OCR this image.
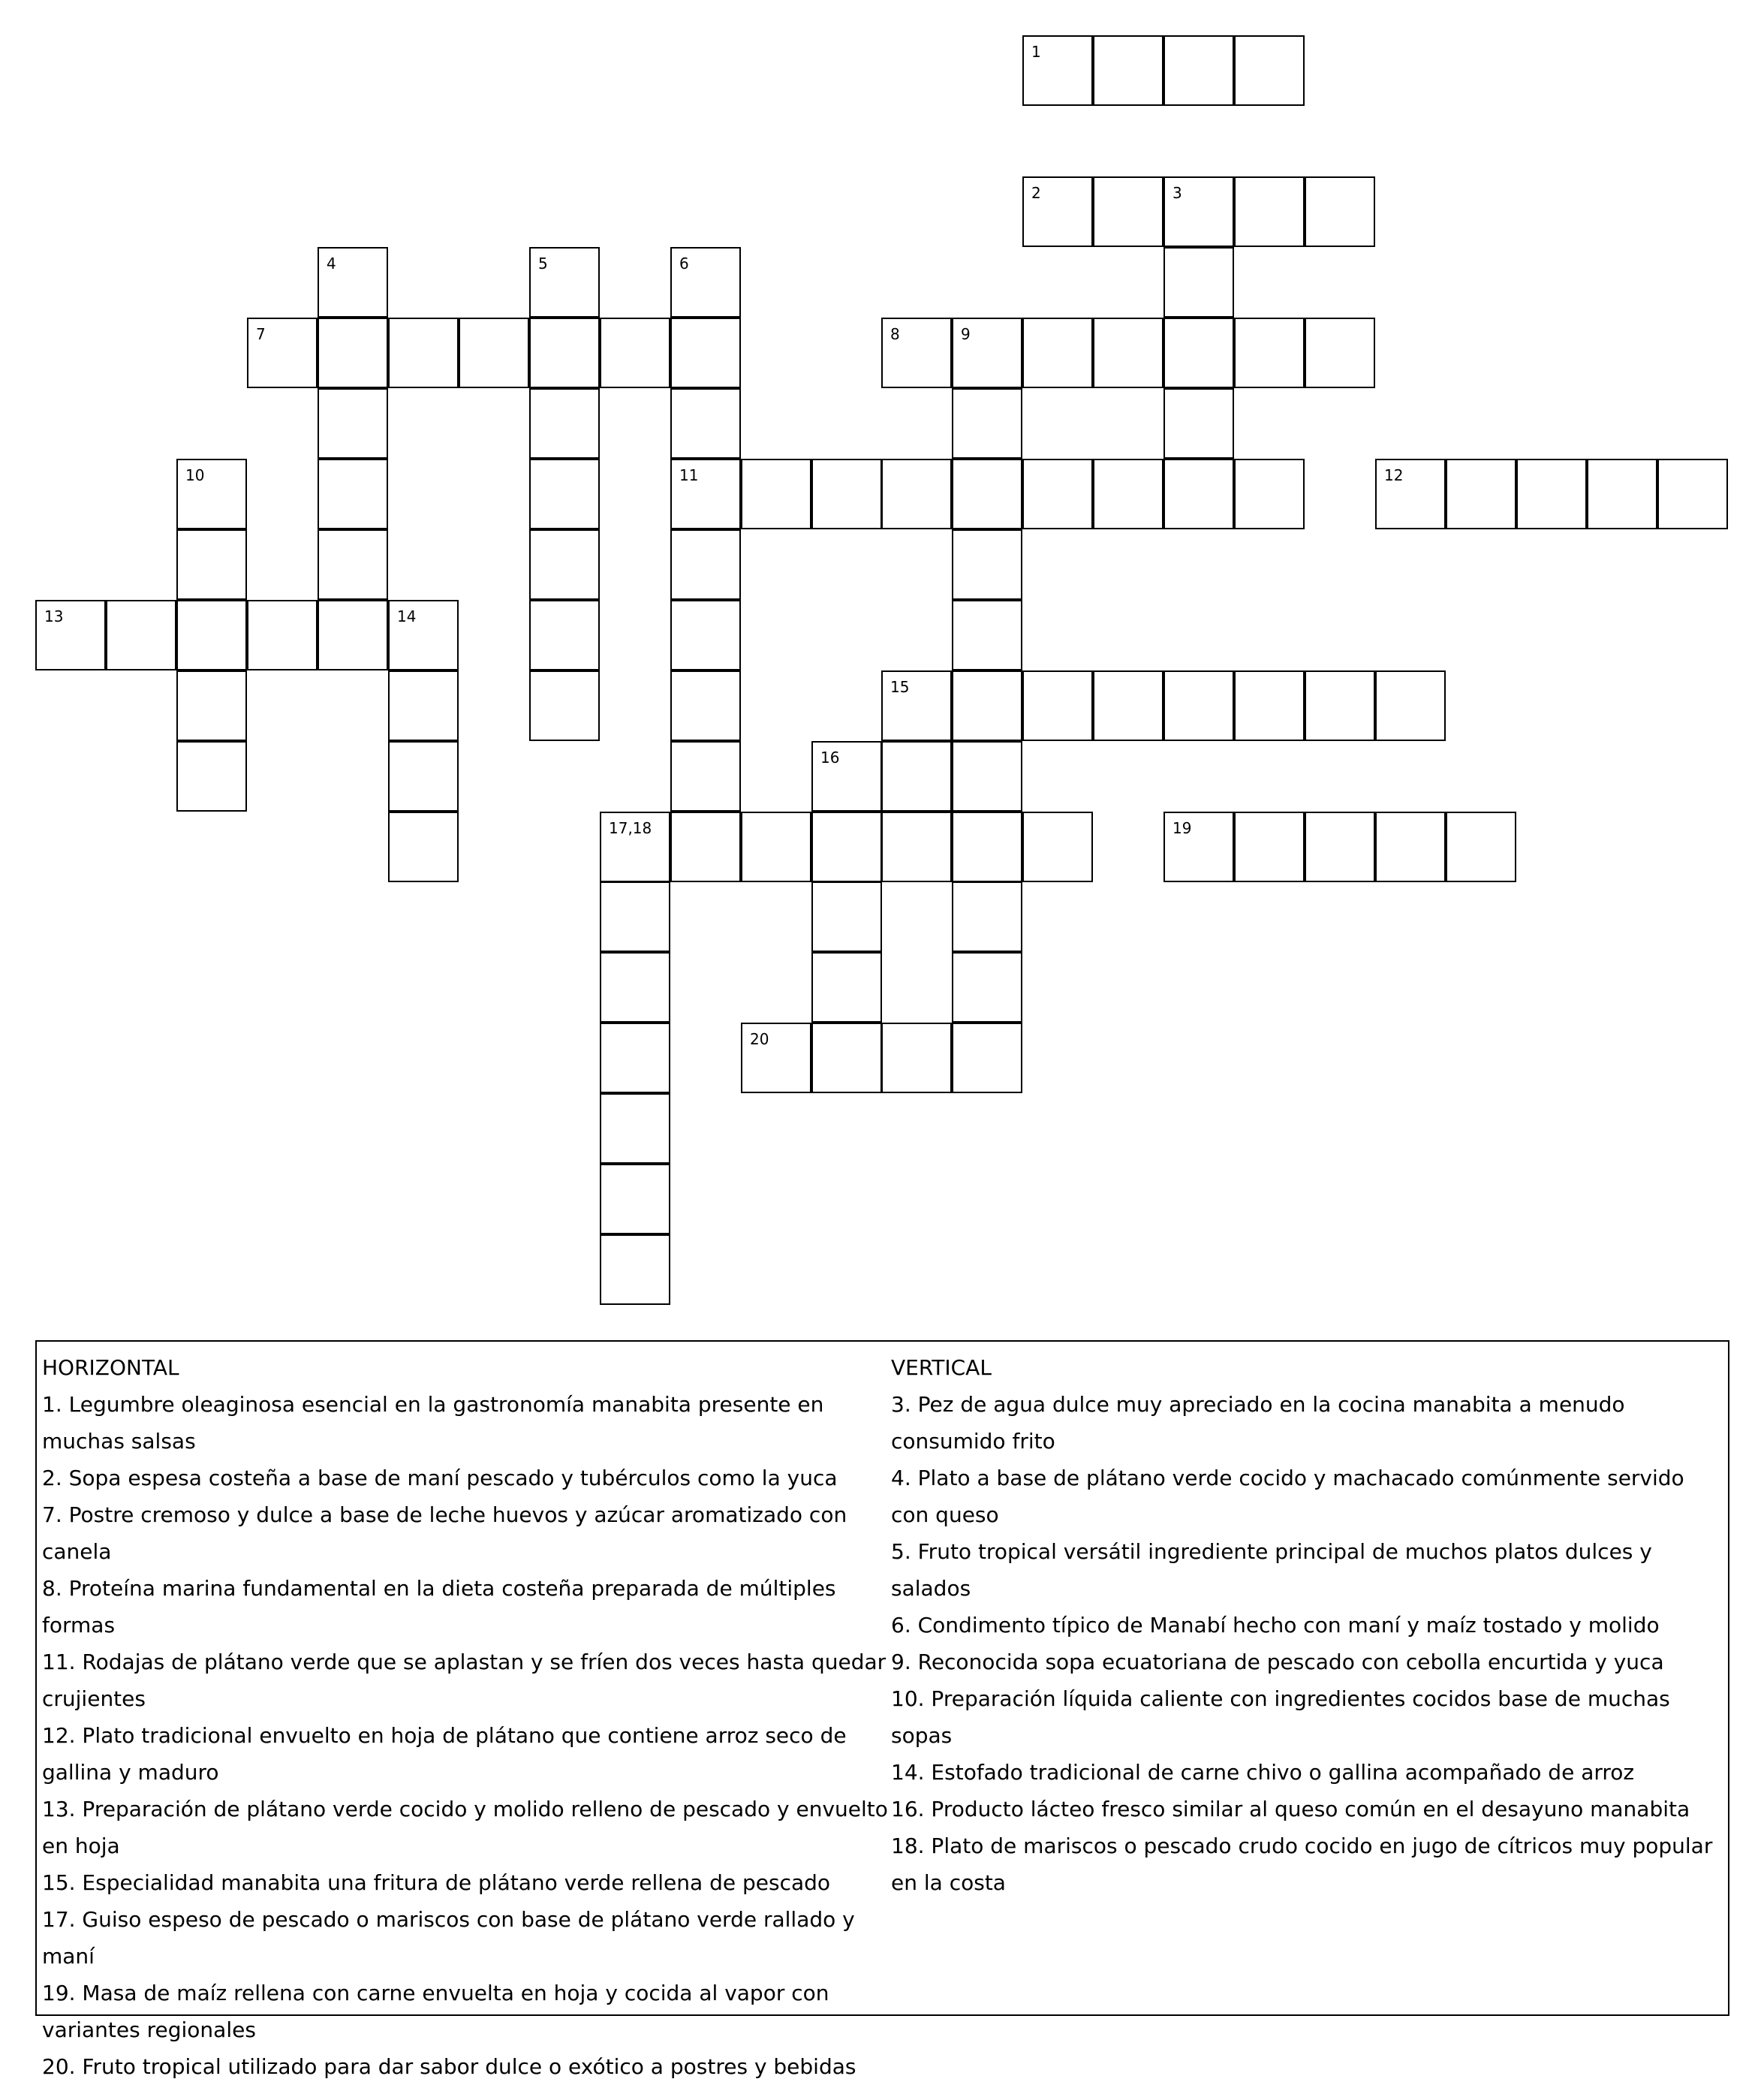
1
2	3
4	5	6
7	8	9
10	11	12
13	14
15
16
17,18	19
20
HORIZONTAL
1. Legumbre oleaginosa esencial en la gastronomía manabita presente en muchas salsas
2. Sopa espesa costeña a base de maní pescado y tubérculos como la yuca
7. Postre cremoso y dulce a base de leche huevos y azúcar aromatizado con canela
8. Proteína marina fundamental en la dieta costeña preparada de múltiples formas
11. Rodajas de plátano verde que se aplastan y se fríen dos veces hasta quedar crujientes
12. Plato tradicional envuelto en hoja de plátano que contiene arroz seco de gallina y maduro
13. Preparación de plátano verde cocido y molido relleno de pescado y envuelto en hoja
15. Especialidad manabita una fritura de plátano verde rellena de pescado
17. Guiso espeso de pescado o mariscos con base de plátano verde rallado y maní
19. Masa de maíz rellena con carne envuelta en hoja y cocida al vapor con variantes regionales
20. Fruto tropical utilizado para dar sabor dulce o exótico a postres y bebidas
VERTICAL
3. Pez de agua dulce muy apreciado en la cocina manabita a menudo consumido frito
4. Plato a base de plátano verde cocido y machacado comúnmente servido con queso
5. Fruto tropical versátil ingrediente principal de muchos platos dulces y salados
6. Condimento típico de Manabí hecho con maní y maíz tostado y molido
9. Reconocida sopa ecuatoriana de pescado con cebolla encurtida y yuca
10. Preparación líquida caliente con ingredientes cocidos base de muchas sopas
14. Estofado tradicional de carne chivo o gallina acompañado de arroz
16. Producto lácteo fresco similar al queso común en el desayuno manabita
18. Plato de mariscos o pescado crudo cocido en jugo de cítricos muy popular en la costa
